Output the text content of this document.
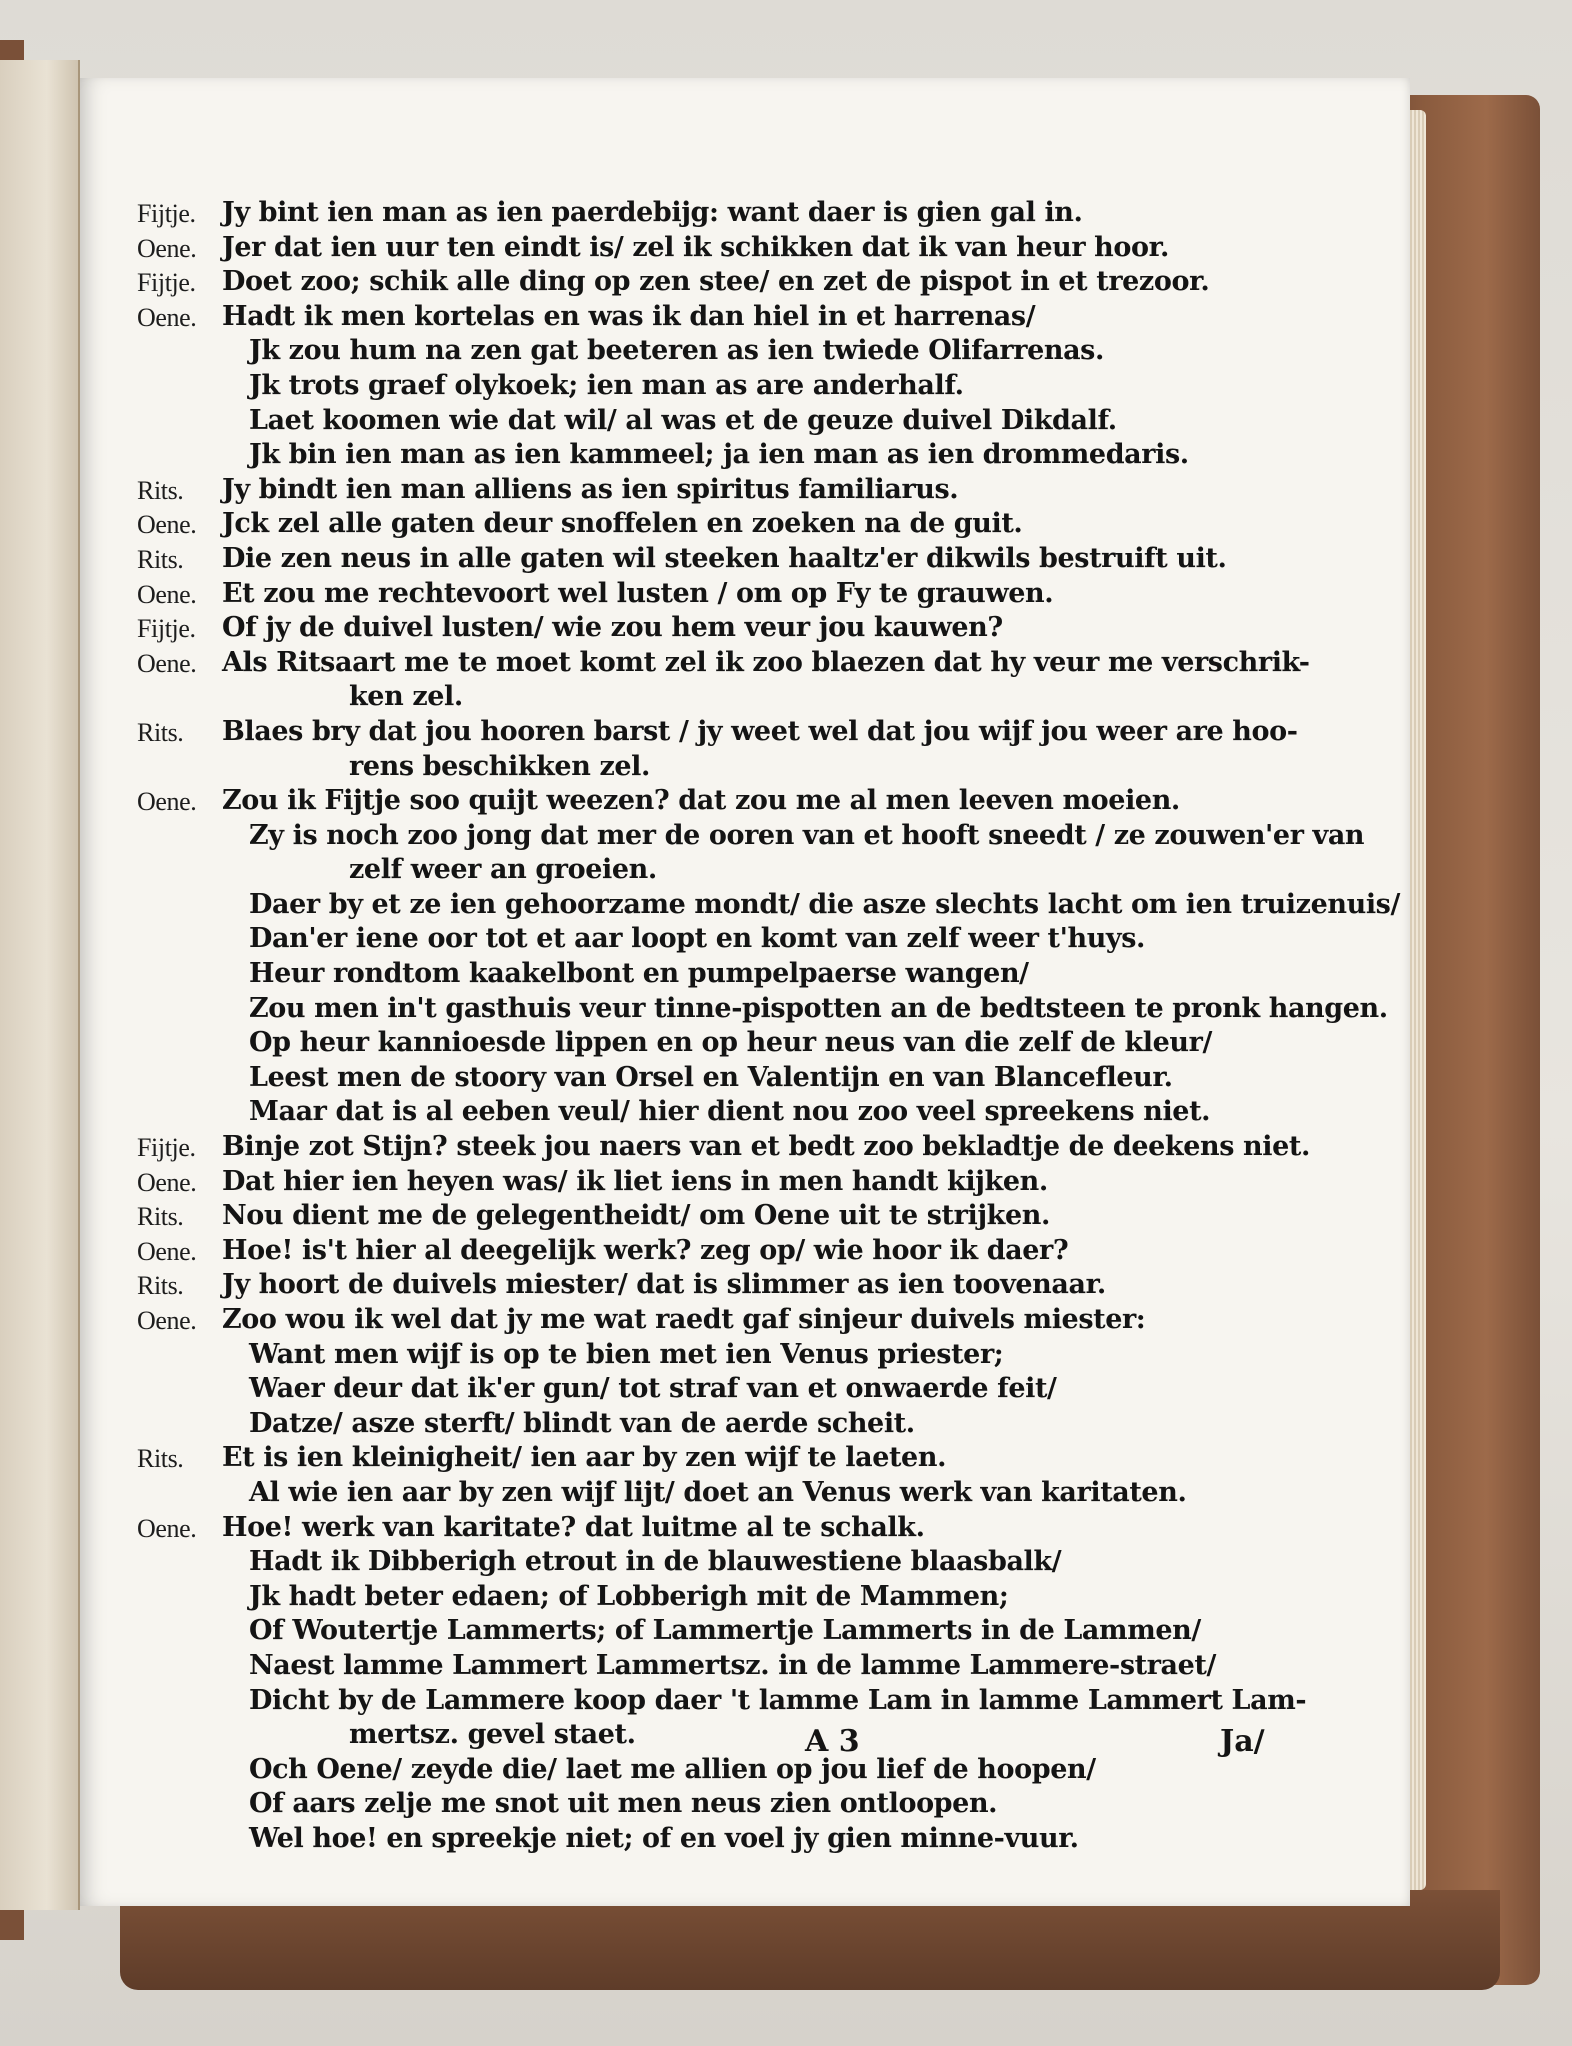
Fijtje. Jy bint ien man as ien paerdebijg: want daer is gien gal in.
Oene. Jer dat ien uur ten eindt is/ zel ik schikken dat ik van heur hoor.
Fijtje. Doet zoo; schik alle ding op zen stee/ en zet de pispot in et trezoor.
Oene. Hadt ik men kortelas en was ik dan hiel in et harrenas/
Jk zou hum na zen gat beeteren as ien twiede Olifarrenas.
Jk trots graef olykoek; ien man as are anderhalf.
Laet koomen wie dat wil/ al was et de geuze duivel Dikdalf.
Jk bin ien man as ien kammeel; ja ien man as ien drommedaris.
Rits. Jy bindt ien man alliens as ien spiritus familiarus.
Oene. Jck zel alle gaten deur snoffelen en zoeken na de guit.
Rits. Die zen neus in alle gaten wil steeken haaltz'er dikwils bestruift uit.
Oene. Et zou me rechtevoort wel lusten / om op Fy te grauwen.
Fijtje. Of jy de duivel lusten/ wie zou hem veur jou kauwen?
Oene. Als Ritsaart me te moet komt zel ik zoo blaezen dat hy veur me verschrik-
ken zel.
Rits. Blaes bry dat jou hooren barst / jy weet wel dat jou wijf jou weer are hoo-
rens beschikken zel.
Oene. Zou ik Fijtje soo quijt weezen? dat zou me al men leeven moeien.
Zy is noch zoo jong dat mer de ooren van et hooft sneedt / ze zouwen'er van
zelf weer an groeien.
Daer by et ze ien gehoorzame mondt/ die asze slechts lacht om ien truizenuis/
Dan'er iene oor tot et aar loopt en komt van zelf weer t'huys.
Heur rondtom kaakelbont en pumpelpaerse wangen/
Zou men in't gasthuis veur tinne-pispotten an de bedtsteen te pronk hangen.
Op heur kannioesde lippen en op heur neus van die zelf de kleur/
Leest men de stoory van Orsel en Valentijn en van Blancefleur.
Maar dat is al eeben veul/ hier dient nou zoo veel spreekens niet.
Fijtje. Binje zot Stijn? steek jou naers van et bedt zoo bekladtje de deekens niet.
Oene. Dat hier ien heyen was/ ik liet iens in men handt kijken.
Rits. Nou dient me de gelegentheidt/ om Oene uit te strijken.
Oene. Hoe! is't hier al deegelijk werk? zeg op/ wie hoor ik daer?
Rits. Jy hoort de duivels miester/ dat is slimmer as ien toovenaar.
Oene. Zoo wou ik wel dat jy me wat raedt gaf sinjeur duivels miester:
Want men wijf is op te bien met ien Venus priester;
Waer deur dat ik'er gun/ tot straf van et onwaerde feit/
Datze/ asze sterft/ blindt van de aerde scheit.
Rits. Et is ien kleinigheit/ ien aar by zen wijf te laeten.
Al wie ien aar by zen wijf lijt/ doet an Venus werk van karitaten.
Oene. Hoe! werk van karitate? dat luitme al te schalk.
Hadt ik Dibberigh etrout in de blauwestiene blaasbalk/
Jk hadt beter edaen; of Lobberigh mit de Mammen;
Of Woutertje Lammerts; of Lammertje Lammerts in de Lammen/
Naest lamme Lammert Lammertsz. in de lamme Lammere-straet/
Dicht by de Lammere koop daer 't lamme Lam in lamme Lammert Lam-
mertsz. gevel staet.
Och Oene/ zeyde die/ laet me allien op jou lief de hoopen/
Of aars zelje me snot uit men neus zien ontloopen.
Wel hoe! en spreekje niet; of en voel jy gien minne-vuur.
A 3	Ja/
